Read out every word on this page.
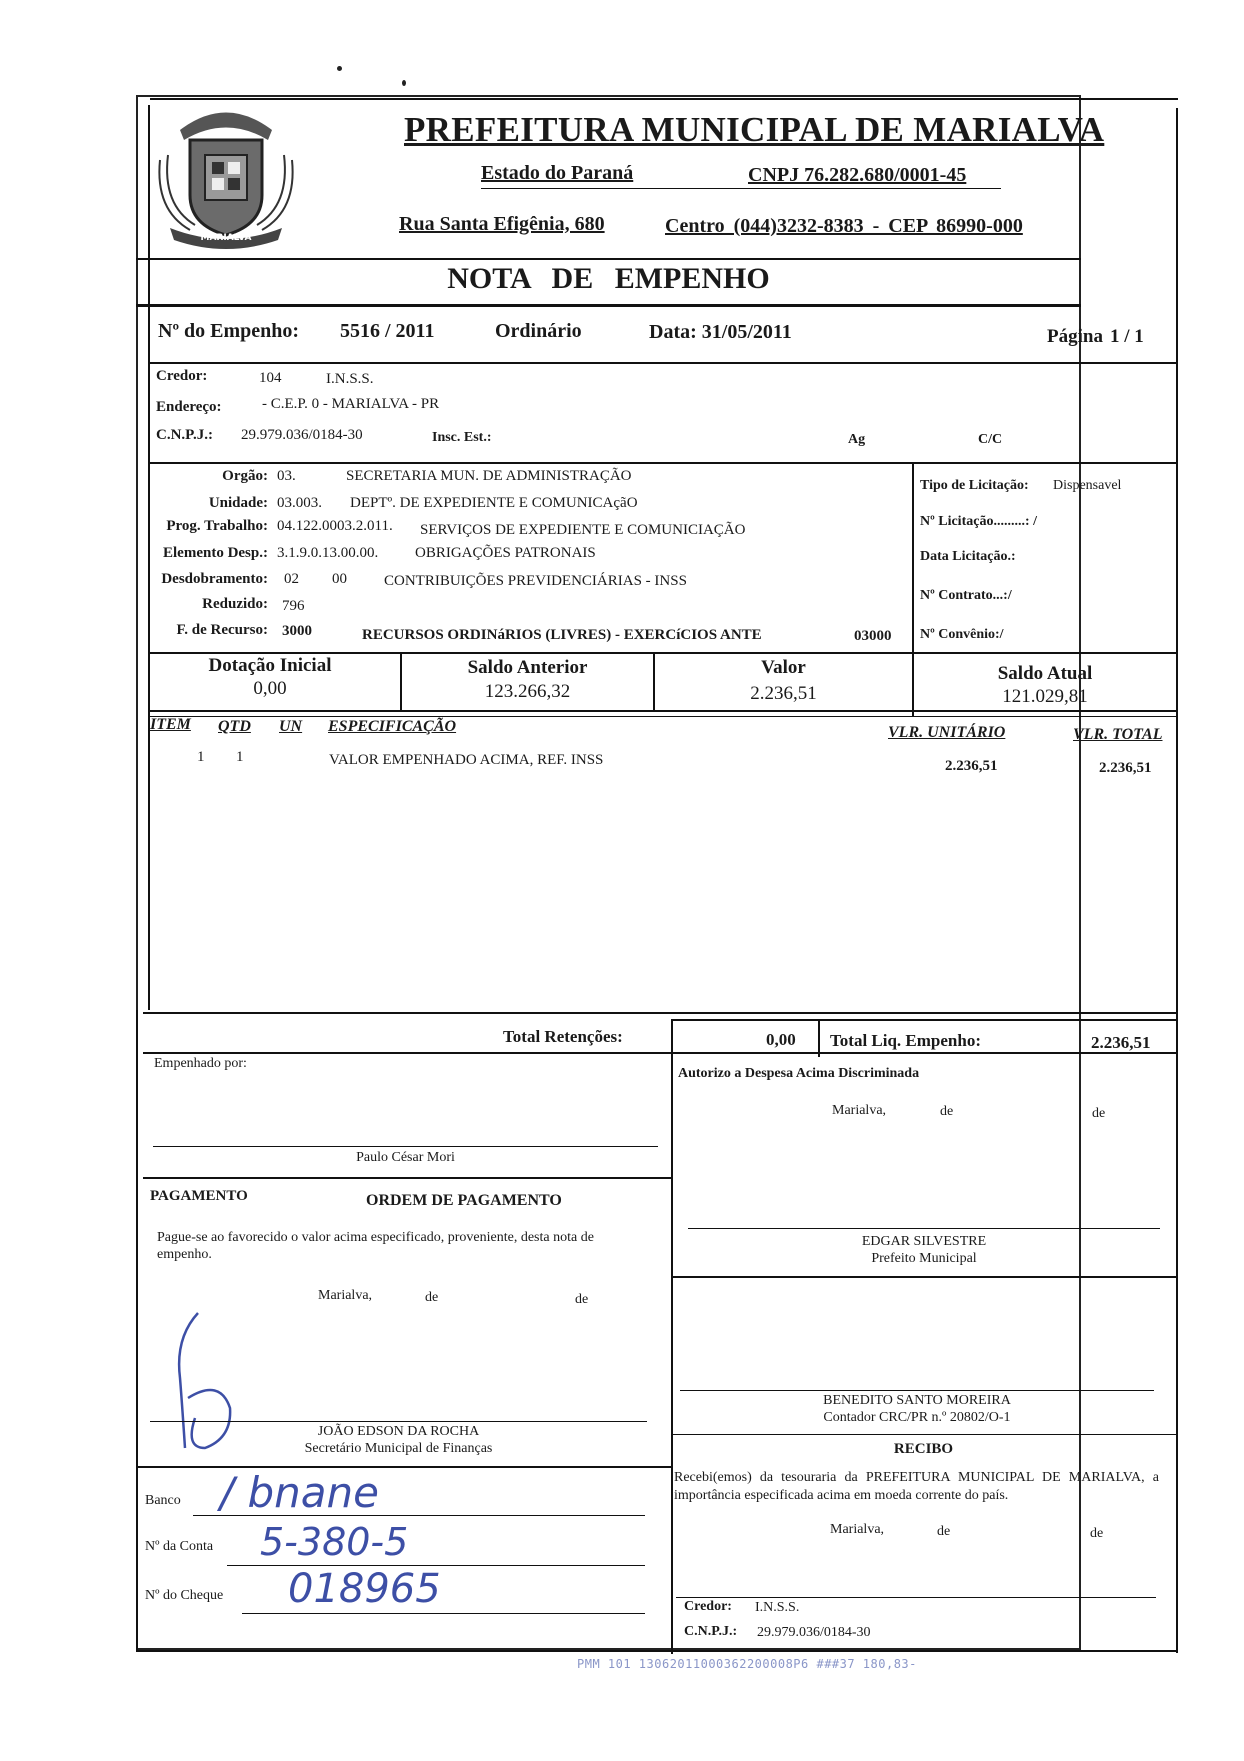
MARIALVA
PREFEITURA MUNICIPAL DE MARIALVA
Estado do Paraná	CNPJ 76.282.680/0001-45
Rua Santa Efigênia, 680	Centro (044)3232-8383 - CEP 86990-000
NOTA DE EMPENHO
Nº do Empenho: 5516 / 2011	Ordinário	Data: 31/05/2011	Página 1 / 1
Credor:	104	I.N.S.S.
Endereço:	- C.E.P. 0 - MARIALVA - PR
C.N.P.J.: 29.979.036/0184-30	Insc. Est.:	Ag	C/C
Orgão: 03.	SECRETARIA MUN. DE ADMINISTRAÇÃO
Unidade: 03.003. DEPTº. DE EXPEDIENTE E COMUNICAçãO
Prog. Trabalho: 04.122.0003.2.011. SERVIÇOS DE EXPEDIENTE E COMUNICIAÇÃO
Elemento Desp.: 3.1.9.0.13.00.00. OBRIGAÇÕES PATRONAIS
Desdobramento: 02 00 CONTRIBUIÇÕES PREVIDENCIÁRIAS - INSS
Reduzido: 796
F. de Recurso: 3000	RECURSOS ORDINáRIOS (LIVRES) - EXERCíCIOS ANTE	03000
Tipo de Licitação: Dispensavel
Nº Licitação.........: /
Data Licitação.:
Nº Contrato...:/
Nº Convênio:/
Dotação Inicial
0,00
Saldo Anterior
123.266,32
Valor
2.236,51
Saldo Atual
121.029,81
ITEM QTD UN ESPECIFICAÇÃO	VLR. UNITÁRIO	VLR. TOTAL
1 1	VALOR EMPENHADO ACIMA, REF. INSS	2.236,51	2.236,51
Total Retenções:	0,00 Total Liq. Empenho:	2.236,51
Empenhado por:
Paulo César Mori
PAGAMENTO	ORDEM DE PAGAMENTO
Pague-se ao favorecido o valor acima especificado, proveniente, desta nota de empenho.
Marialva,	de	de
JOÃO EDSON DA ROCHA
Secretário Municipal de Finanças
Banco / bnane
Nº da Conta 5-380-5
Nº do Cheque 018965
Autorizo a Despesa Acima Discriminada
Marialva,	de	de
EDGAR SILVESTRE
Prefeito Municipal
BENEDITO SANTO MOREIRA
Contador CRC/PR n.º 20802/O-1
RECIBO
Recebi(emos) da tesouraria da PREFEITURA MUNICIPAL DE MARIALVA, a importância especificada acima em moeda corrente do país.
Marialva,	de	de
Credor: I.N.S.S.
C.N.P.J.: 29.979.036/0184-30
PMM 101 13062011000362200008P6 ###37 180,83-
